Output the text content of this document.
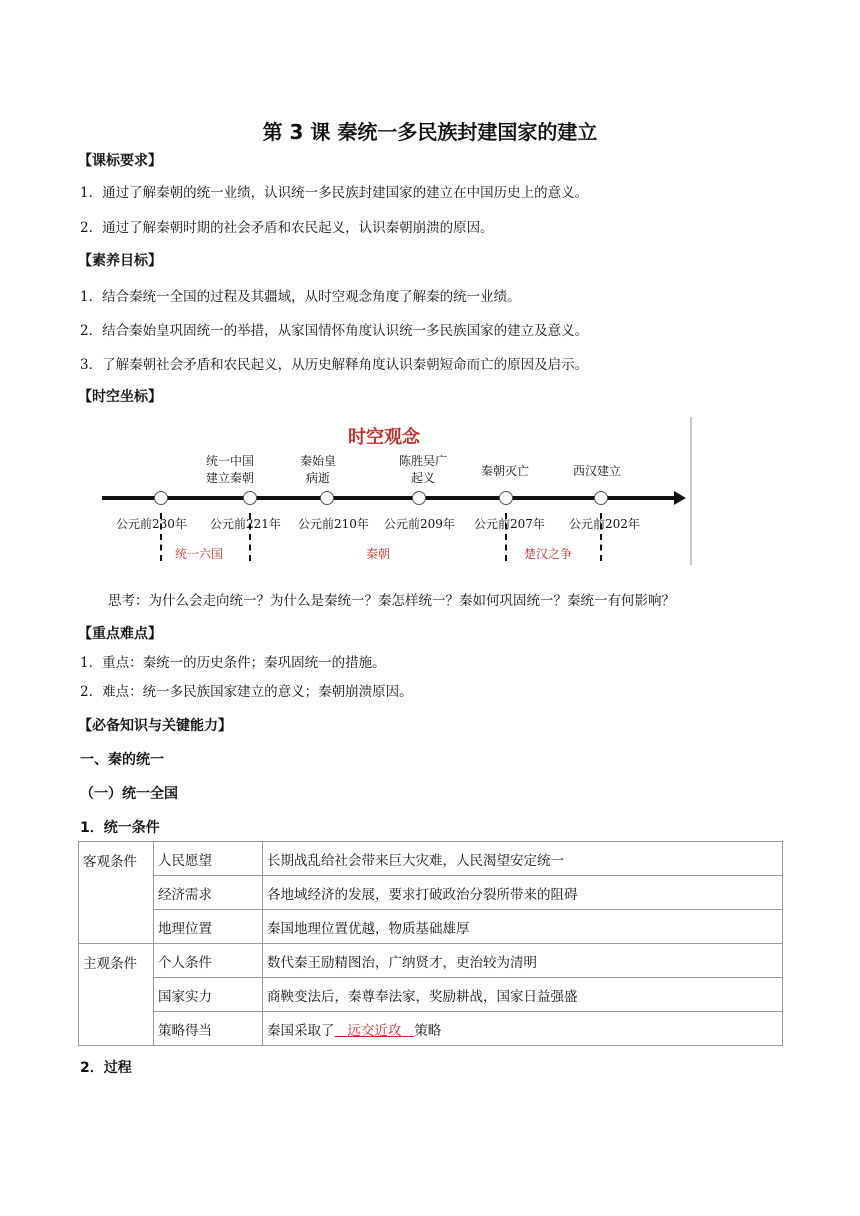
第 3 课 秦统一多民族封建国家的建立
【课标要求】
1．通过了解秦朝的统一业绩，认识统一多民族封建国家的建立在中国历史上的意义。
2．通过了解秦朝时期的社会矛盾和农民起义，认识秦朝崩溃的原因。
【素养目标】
1．结合秦统一全国的过程及其疆域，从时空观念角度了解秦的统一业绩。
2．结合秦始皇巩固统一的举措，从家国情怀角度认识统一多民族国家的建立及意义。
3．了解秦朝社会矛盾和农民起义，从历史解释角度认识秦朝短命而亡的原因及启示。
【时空坐标】
时空观念
统一中国
建立秦朝
秦始皇
病逝
陈胜吴广
起义	秦朝灭亡	西汉建立
公元前230年 公元前221年 公元前210年 公元前209年 公元前207年 公元前202年
统一六国	秦朝	楚汉之争
思考：为什么会走向统一？为什么是秦统一？秦怎样统一？秦如何巩固统一？秦统一有何影响？
【重点难点】
1．重点：秦统一的历史条件；秦巩固统一的措施。
2．难点：统一多民族国家建立的意义；秦朝崩溃原因。
【必备知识与关键能力】
一、秦的统一
（一）统一全国
1．统一条件
客观条件	人民愿望	长期战乱给社会带来巨大灾难，人民渴望安定统一
	经济需求	各地域经济的发展，要求打破政治分裂所带来的阻碍
	地理位置	秦国地理位置优越，物质基础雄厚
主观条件	个人条件	数代秦王励精图治，广纳贤才，吏治较为清明
	国家实力	商鞅变法后，秦尊奉法家，奖励耕战，国家日益强盛
	策略得当	秦国采取了 远交近攻 策略
2．过程
